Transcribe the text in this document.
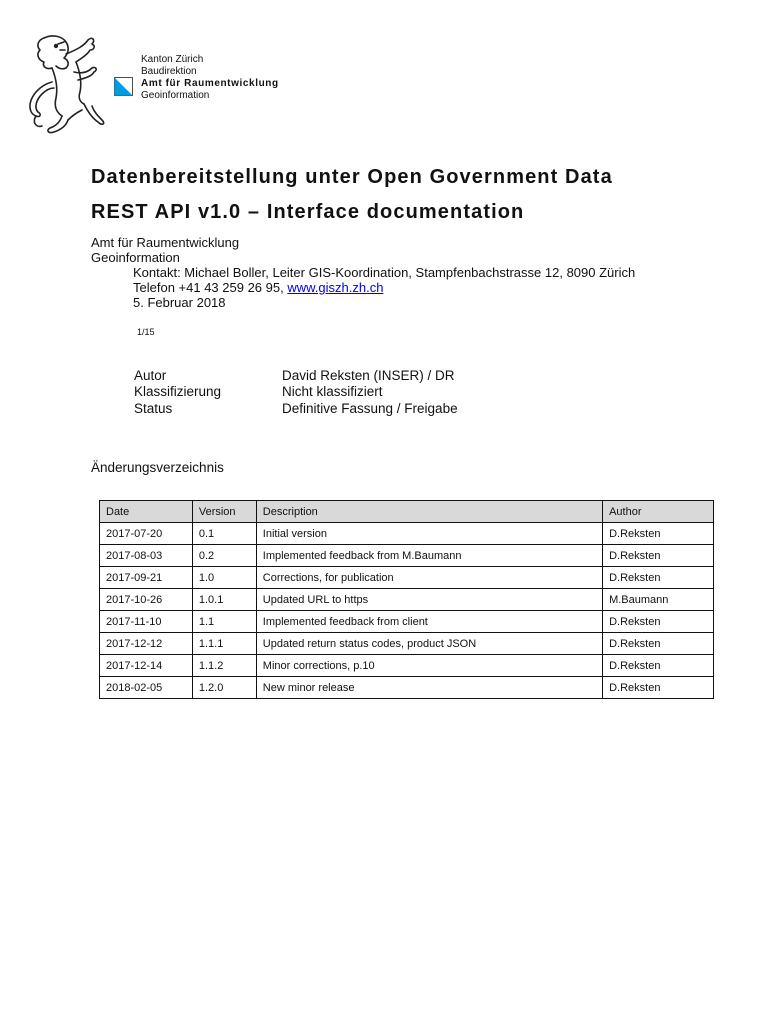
Kanton Zürich
Baudirektion
Amt für Raumentwicklung
Geoinformation
Datenbereitstellung unter Open Government Data
REST API v1.0 – Interface documentation
Amt für Raumentwicklung
Geoinformation
Kontakt: Michael Boller, Leiter GIS-Koordination, Stampfenbachstrasse 12, 8090 Zürich
Telefon +41 43 259 26 95, www.giszh.zh.ch
5. Februar 2018
1/15
Autor	David Reksten (INSER) / DR
Klassifizierung	Nicht klassifiziert
Status	Definitive Fassung / Freigabe
Änderungsverzeichnis
Date	Version	Description	Author
2017-07-20	0.1	Initial version	D.Reksten
2017-08-03	0.2	Implemented feedback from M.Baumann	D.Reksten
2017-09-21	1.0	Corrections, for publication	D.Reksten
2017-10-26	1.0.1	Updated URL to https	M.Baumann
2017-11-10	1.1	Implemented feedback from client	D.Reksten
2017-12-12	1.1.1	Updated return status codes, product JSON	D.Reksten
2017-12-14	1.1.2	Minor corrections, p.10	D.Reksten
2018-02-05	1.2.0	New minor release	D.Reksten
